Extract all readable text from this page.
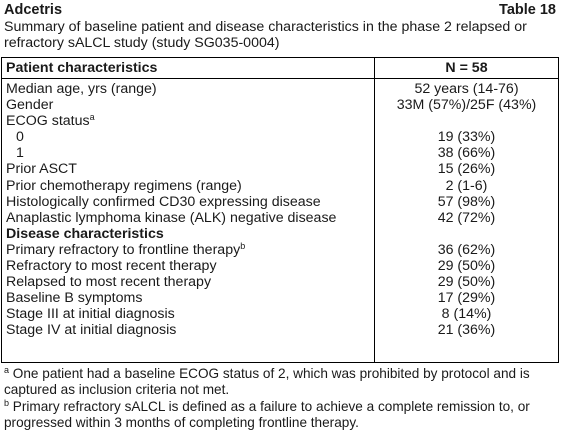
Adcetris	Table 18
Summary of baseline patient and disease characteristics in the phase 2 relapsed or refractory sALCL study (study SG035-0004)
Patient characteristics	N = 58
Median age, yrs (range)	52 years (14-76)
Gender	33M (57%)/25F (43%)
ECOG status$^a$
0	19 (33%)
1	38 (66%)
Prior ASCT	15 (26%)
Prior chemotherapy regimens (range)	2 (1-6)
Histologically confirmed CD30 expressing disease	57 (98%)
Anaplastic lymphoma kinase (ALK) negative disease	42 (72%)
Disease characteristics
Primary refractory to frontline therapy$^b$	36 (62%)
Refractory to most recent therapy	29 (50%)
Relapsed to most recent therapy	29 (50%)
Baseline B symptoms	17 (29%)
Stage III at initial diagnosis	8 (14%)
Stage IV at initial diagnosis	21 (36%)
$^a$ One patient had a baseline ECOG status of 2, which was prohibited by protocol and is captured as inclusion criteria not met.
$^b$ Primary refractory sALCL is defined as a failure to achieve a complete remission to, or progressed within 3 months of completing frontline therapy.
